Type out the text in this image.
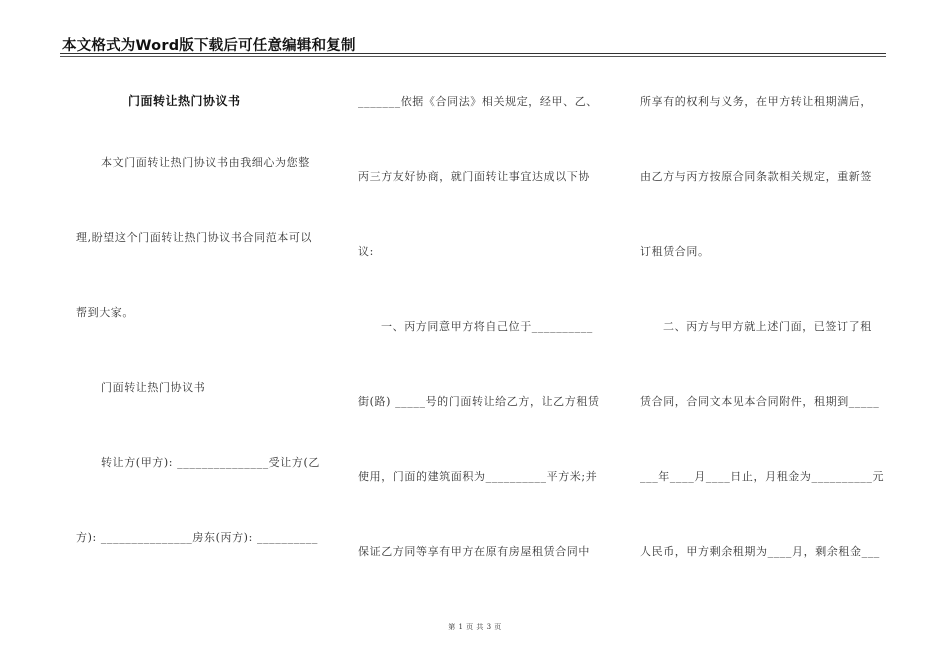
本文格式为Word版下载后可任意编辑和复制
门面转让热门协议书
本文门面转让热门协议书由我细心为您整
理,盼望这个门面转让热门协议书合同范本可以
帮到大家。
门面转让热门协议书
转让方(甲方): _______________受让方(乙
方): _______________房东(丙方): __________
_______依据《合同法》相关规定，经甲、乙、
丙三方友好协商，就门面转让事宜达成以下协
议:
一、丙方同意甲方将自己位于__________
街(路) _____号的门面转让给乙方，让乙方租赁
使用，门面的建筑面积为__________平方米;并
保证乙方同等享有甲方在原有房屋租赁合同中
所享有的权利与义务，在甲方转让租期满后，
由乙方与丙方按原合同条款相关规定，重新签
订租赁合同。
二、丙方与甲方就上述门面，已签订了租
赁合同，合同文本见本合同附件，租期到_____
___年____月____日止，月租金为__________元
人民币，甲方剩余租期为____月，剩余租金___
第 1 页 共 3 页
